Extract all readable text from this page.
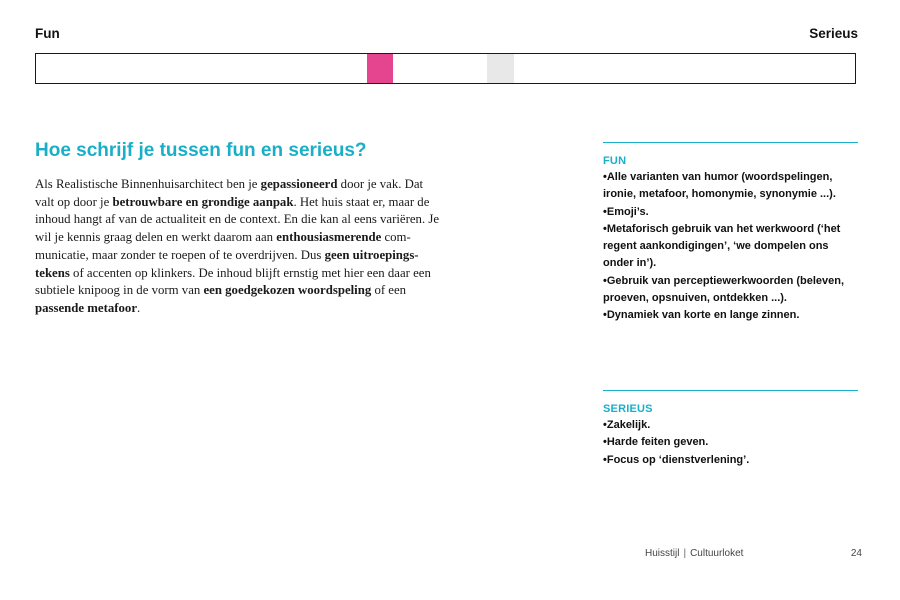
Fun	Serieus
Hoe schrijf je tussen fun en serieus?

Als Realistische Binnenhuisarchitect ben je gepassioneerd door je vak. Dat valt op door je betrouwbare en grondige aanpak. Het huis staat er, maar de inhoud hangt af van de actualiteit en de context. En die kan al eens variëren. Je wil je kennis graag delen en werkt daarom aan enthousiasmerende communicatie, maar zonder te roepen of te overdrijven. Dus geen uitroepingstekens of accenten op klinkers. De inhoud blijft ernstig met hier een daar een subtiele knipoog in de vorm van een goedgekozen woordspeling of een passende metafoor.

FUN
• Alle varianten van humor (woordspelingen, ironie, metafoor, homonymie, synonymie ...).
• Emoji’s.
• Metaforisch gebruik van het werkwoord (‘het regent aankondigingen’, ‘we dompelen ons onder in’).
• Gebruik van perceptiewerkwoorden (beleven, proeven, opsnuiven, ontdekken ...).
• Dynamiek van korte en lange zinnen.
SERIEUS
• Zakelijk.
• Harde feiten geven.
• Focus op ‘dienstverlening’.
Huisstijl | Cultuurloket	24
